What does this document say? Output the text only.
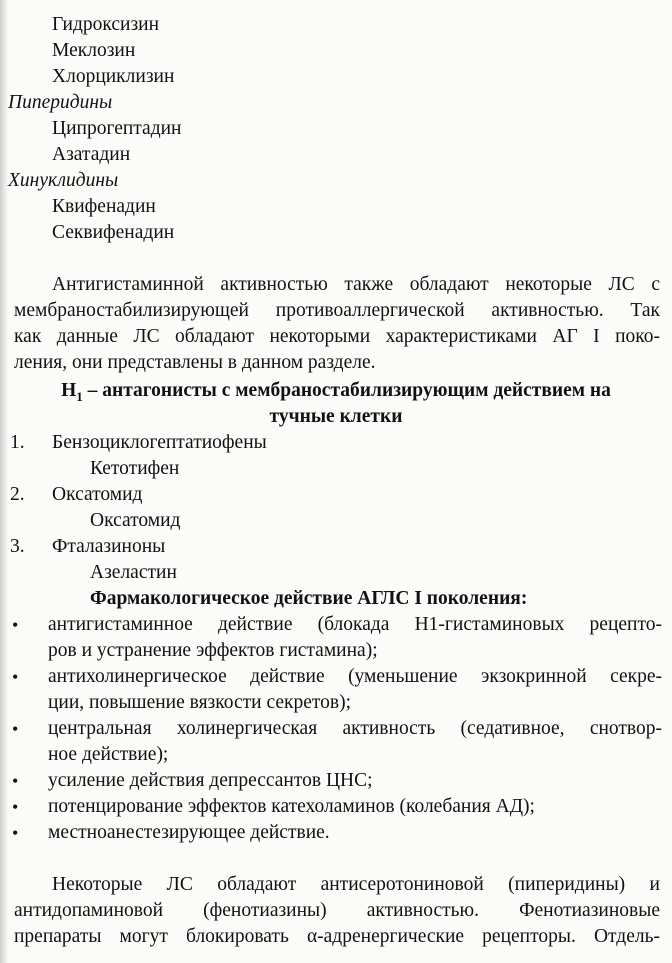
Гидроксизин
Меклозин
Хлорциклизин
Пиперидины
Ципрогептадин
Азатадин
Хинуклидины
Квифенадин
Секвифенадин
Антигистаминной активностью также обладают некоторые ЛС с
мембраностабилизирующей противоаллергической активностью. Так
как данные ЛС обладают некоторыми характеристиками АГ I поко-
ления, они представлены в данном разделе.
$Н_1$ – антагонисты с мембраностабилизирующим действием на
тучные клетки
1. Бензоциклогептатиофены
Кетотифен
2. Оксатомид
Оксатомид
3. Фталазиноны
Азеластин
Фармакологическое действие АГЛС I поколения:
• антигистаминное действие (блокада Н1-гистаминовых рецепто-
ров и устранение эффектов гистамина);
• антихолинергическое действие (уменьшение экзокринной секре-
ции, повышение вязкости секретов);
• центральная холинергическая активность (седативное, снотвор-
ное действие);
• усиление действия депрессантов ЦНС;
• потенцирование эффектов катехоламинов (колебания АД);
• местноанестезирующее действие.
Некоторые ЛС обладают антисеротониновой (пиперидины) и
антидопаминовой (фенотиазины) активностью. Фенотиазиновые
препараты могут блокировать α-адренергические рецепторы. Отдель-
